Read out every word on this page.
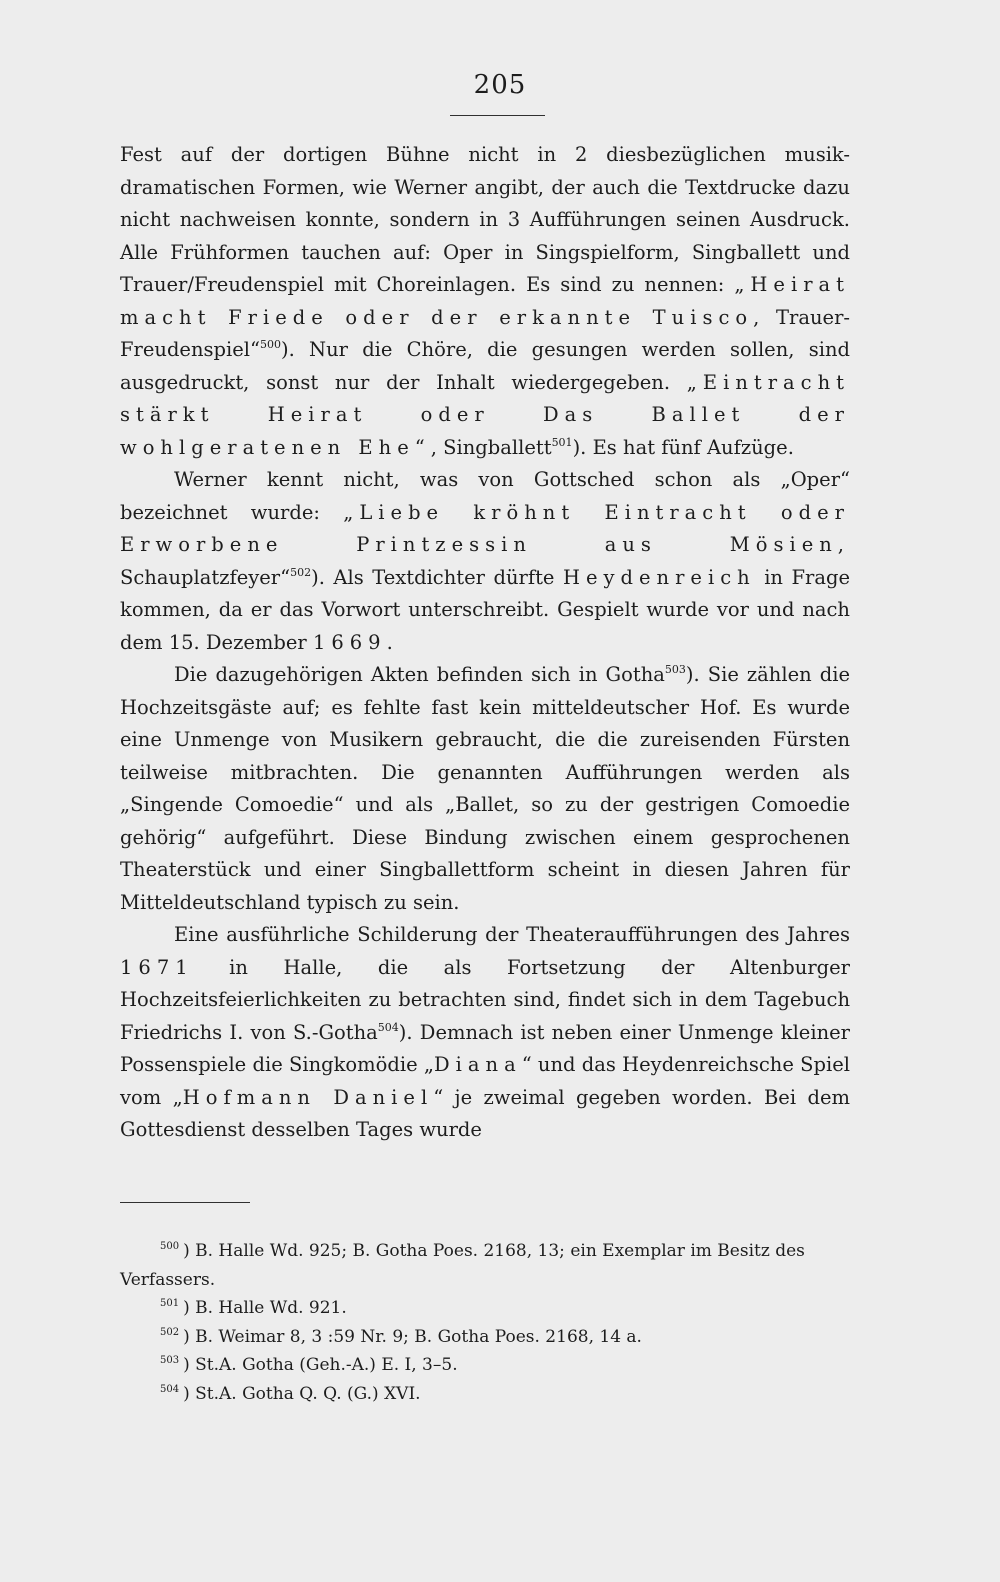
205

Fest auf der dortigen Bühne nicht in 2 diesbezüglichen musik-dramatischen Formen, wie Werner angibt, der auch die Textdrucke dazu nicht nachweisen konnte, sondern in 3 Aufführungen seinen Ausdruck. Alle Frühformen tauchen auf: Oper in Singspielform, Singballett und Trauer/Freudenspiel mit Choreinlagen. Es sind zu nennen: „Heirat macht Friede oder der erkannte Tuisco, Trauer-Freudenspiel“$^{500}$). Nur die Chöre, die gesungen werden sollen, sind ausgedruckt, sonst nur der Inhalt wiedergegeben. „Eintracht stärkt Heirat oder Das Ballet der wohlgeratenen Ehe“, Singballett$^{501}$). Es hat fünf Aufzüge.

Werner kennt nicht, was von Gottsched schon als „Oper“ bezeichnet wurde: „Liebe kröhnt Eintracht oder Erworbene Printzessin aus Mösien, Schauplatzfeyer“$^{502}$). Als Textdichter dürfte Heydenreich in Frage kommen, da er das Vorwort unterschreibt. Gespielt wurde vor und nach dem 15. Dezember 1669.

Die dazugehörigen Akten befinden sich in Gotha$^{503}$). Sie zählen die Hochzeitsgäste auf; es fehlte fast kein mitteldeutscher Hof. Es wurde eine Unmenge von Musikern gebraucht, die die zureisenden Fürsten teilweise mitbrachten. Die genannten Aufführungen werden als „Singende Comoedie“ und als „Ballet, so zu der gestrigen Comoedie gehörig“ aufgeführt. Diese Bindung zwischen einem gesprochenen Theaterstück und einer Singballettform scheint in diesen Jahren für Mitteldeutschland typisch zu sein.

Eine ausführliche Schilderung der Theateraufführungen des Jahres 1671 in Halle, die als Fortsetzung der Altenburger Hochzeitsfeierlichkeiten zu betrachten sind, findet sich in dem Tagebuch Friedrichs I. von S.-Gotha$^{504}$). Demnach ist neben einer Unmenge kleiner Possenspiele die Singkomödie „Diana“ und das Heydenreichsche Spiel vom „Hofmann Daniel“ je zweimal gegeben worden. Bei dem Gottesdienst desselben Tages wurde

$^{500}$ ) B. Halle Wd. 925; B. Gotha Poes. 2168, 13; ein Exemplar im Besitz des Verfassers.

$^{501}$ ) B. Halle Wd. 921.

$^{502}$ ) B. Weimar 8, 3 :59 Nr. 9; B. Gotha Poes. 2168, 14 a.

$^{503}$ ) St.A. Gotha (Geh.-A.) E. I, 3–5.

$^{504}$ ) St.A. Gotha Q. Q. (G.) XVI.
